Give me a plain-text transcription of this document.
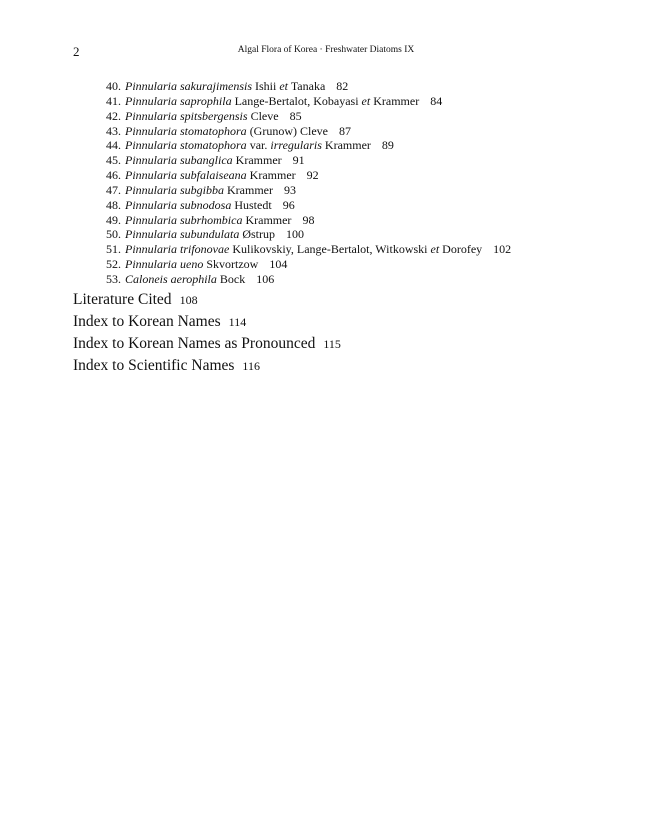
2	Algal Flora of Korea · Freshwater Diatoms IX
40. Pinnularia sakurajimensis Ishii et Tanaka 82
41. Pinnularia saprophila Lange-Bertalot, Kobayasi et Krammer 84
42. Pinnularia spitsbergensis Cleve 85
43. Pinnularia stomatophora (Grunow) Cleve 87
44. Pinnularia stomatophora var. irregularis Krammer 89
45. Pinnularia subanglica Krammer 91
46. Pinnularia subfalaiseana Krammer 92
47. Pinnularia subgibba Krammer 93
48. Pinnularia subnodosa Hustedt 96
49. Pinnularia subrhombica Krammer 98
50. Pinnularia subundulata Østrup 100
51. Pinnularia trifonovae Kulikovskiy, Lange-Bertalot, Witkowski et Dorofey 102
52. Pinnularia ueno Skvortzow 104
53. Caloneis aerophila Bock 106
Literature Cited 108
Index to Korean Names 114
Index to Korean Names as Pronounced 115
Index to Scientific Names 116
